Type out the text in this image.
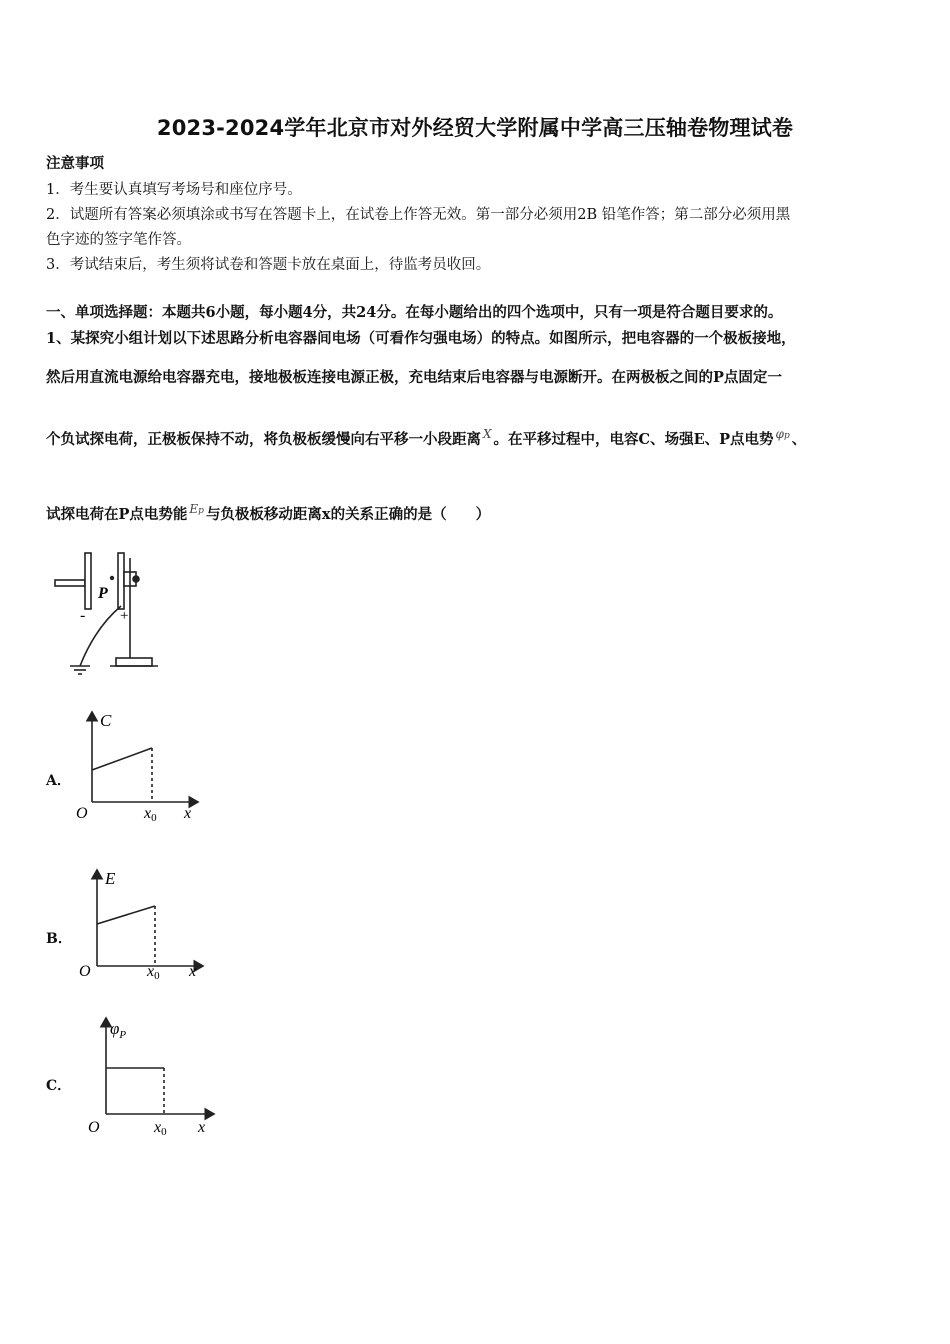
2023-2024学年北京市对外经贸大学附属中学高三压轴卷物理试卷
注意事项
1．考生要认真填写考场号和座位序号。
2．试题所有答案必须填涂或书写在答题卡上，在试卷上作答无效。第一部分必须用2B 铅笔作答；第二部分必须用黑
色字迹的签字笔作答。
3．考试结束后，考生须将试卷和答题卡放在桌面上，待监考员收回。
一、单项选择题：本题共6小题，每小题4分，共24分。在每小题给出的四个选项中，只有一项是符合题目要求的。
1、某探究小组计划以下述思路分析电容器间电场（可看作匀强电场）的特点。如图所示，把电容器的一个极板接地，
然后用直流电源给电容器充电，接地极板连接电源正极，充电结束后电容器与电源断开。在两极板之间的P点固定一
个负试探电荷，正极板保持不动，将负极板缓慢向右平移一小段距离 $^X$ 。在平移过程中，电容C、场强E、P点电势 $^{\varphi p}$ 、
试探电荷在P点电势能 $^{Ep}$ 与负极板移动距离x的关系正确的是（　　）
P
- +
A．
C
O	x0 x
B．
E
O	x0 x
C．
$\varphi_P$
O	x0 x
